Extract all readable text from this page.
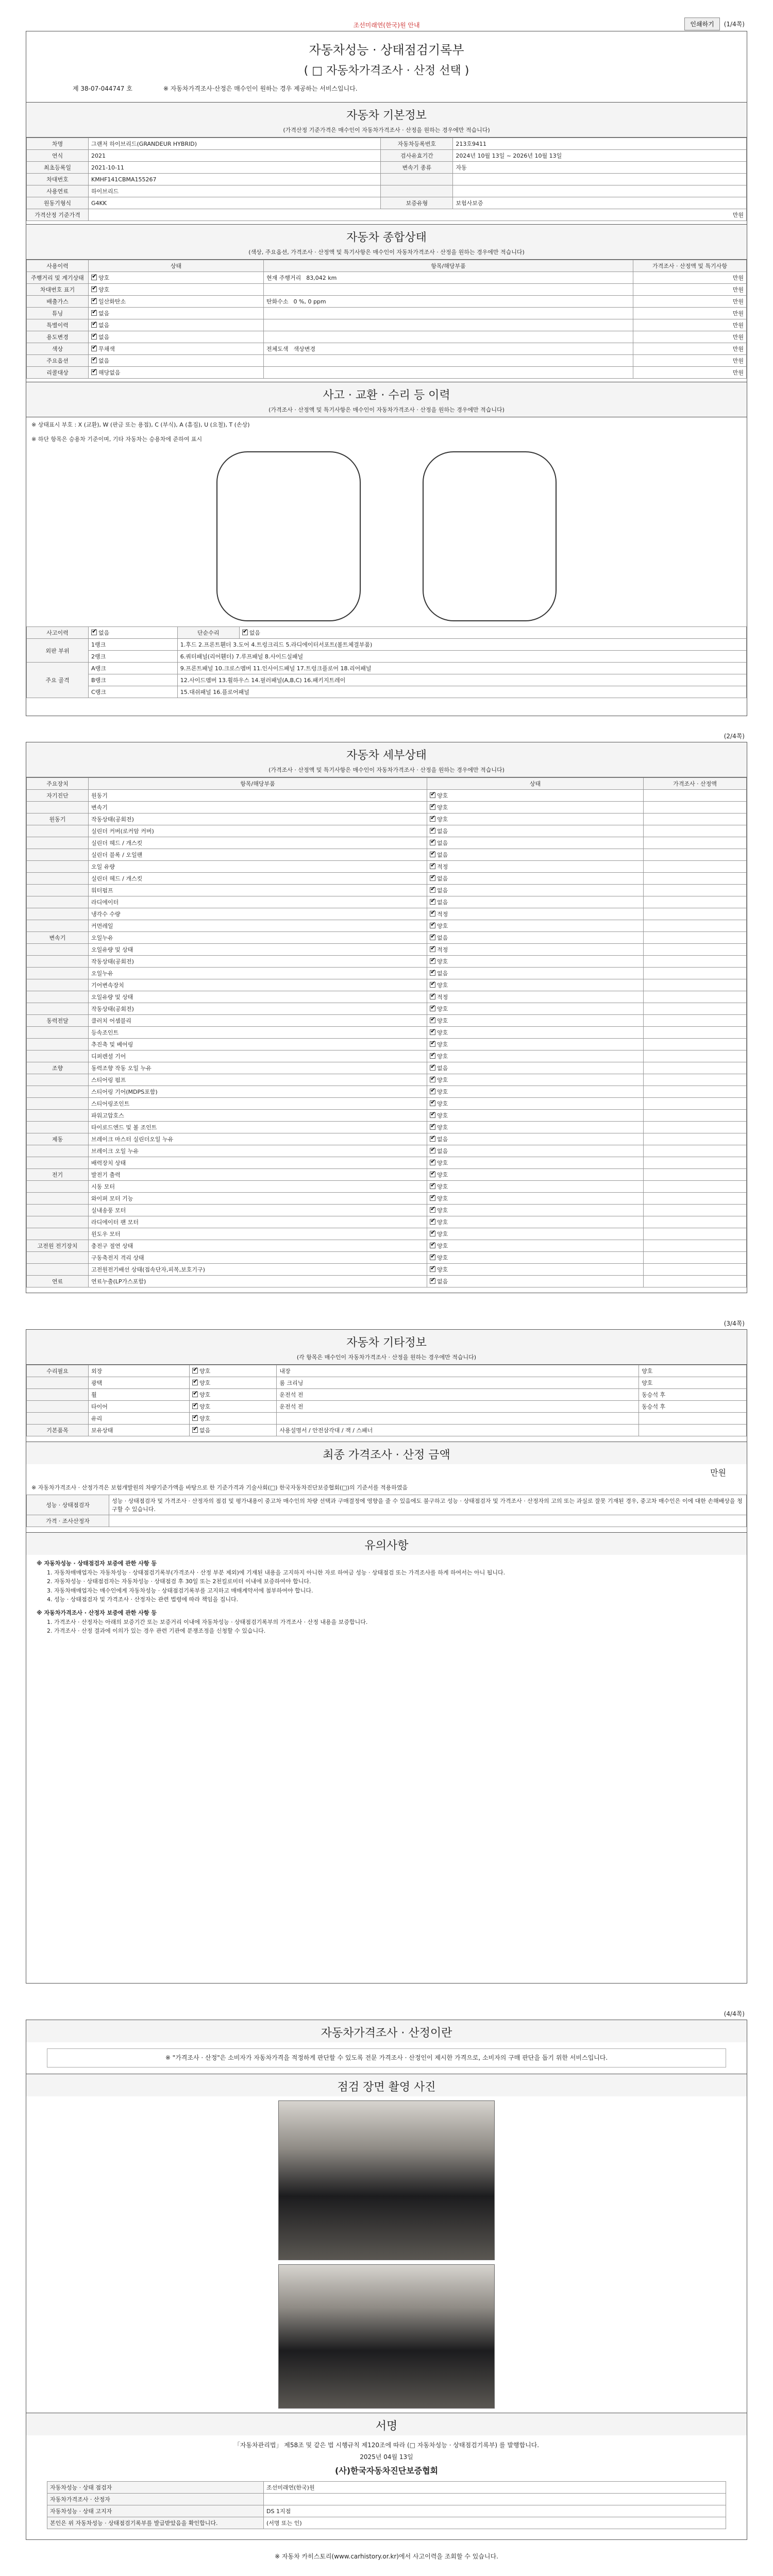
조선미래연(한국)원 안내	인쇄하기	(1/4쪽)
자동차성능 · 상태점검기록부
( □ 자동차가격조사 · 산정 선택 )
제 38-07-044747 호	※ 자동차가격조사·산정은 매수인이 원하는 경우 제공하는 서비스입니다.
자동차 기본정보
(가격산정 기준가격은 매수인이 자동차가격조사 · 산정을 원하는 경우에만 적습니다)
차명	그랜저 하이브리드(GRANDEUR HYBRID)	자동차등록번호	213호9411
연식	2021	검사유효기간	2024년 10월 13일 ~ 2026년 10월 13일
최초등록일	2021-10-11	변속기 종류	자동
차대번호	KMHF141CBMA155267		
사용연료	하이브리드		
원동기형식	G4KK	보증유형	보험사보증
가격산정 기준가격	만원		
자동차 종합상태
(색상, 주요옵션, 가격조사 · 산정액 및 특기사항은 매수인이 자동차가격조사 · 산정을 원하는 경우에만 적습니다)
사용이력	상태	항목/해당부품	가격조사 · 산정액 및 특기사항
주행거리 및 계기상태	✔양호	현재 주행거리 83,042 km	만원
차대번호 표기	✔양호		만원
배출가스	✔일산화탄소	탄화수소 0 %, 0 ppm	만원
튜닝	✔없음		만원
특별이력	✔없음		만원
용도변경	✔없음		만원
색상	✔무채색	전체도색 색상변경	만원
주요옵션	✔없음		만원
리콜대상	✔해당없음		만원
사고 · 교환 · 수리 등 이력
(가격조사 · 산정액 및 특기사항은 매수인이 자동차가격조사 · 산정을 원하는 경우에만 적습니다)
※ 상태표시 부호 : X (교환), W (판금 또는 용접), C (부식), A (흠집), U (요철), T (손상)
※ 하단 항목은 승용차 기준이며, 기타 자동차는 승용차에 준하여 표시
사고이력	✔없음	단순수리	✔없음
외판 부위	1랭크	1.후드 2.프론트휀더 3.도어 4.트렁크리드 5.라디에이터서포트(볼트체결부품)	
	2랭크	6.쿼터패널(리어휀더) 7.루프패널 8.사이드실패널	
주요 골격	A랭크	9.프론트패널 10.크로스멤버 11.인사이드패널 17.트렁크플로어 18.리어패널	
	B랭크	12.사이드멤버 13.휠하우스 14.필러패널(A,B,C) 16.패키지트레이	
	C랭크	15.대쉬패널 16.플로어패널	
(2/4쪽)
자동차 세부상태
(가격조사 · 산정액 및 특기사항은 매수인이 자동차가격조사 · 산정을 원하는 경우에만 적습니다)
주요장치	항목/해당부품	상태	가격조사 · 산정액
자기진단	원동기	✔양호	
	변속기	✔양호	
원동기	작동상태(공회전)	✔양호	
	실린더 커버(로커암 커버)	✔없음	
	실린더 헤드 / 개스킷	✔없음	
	실린더 블록 / 오일팬	✔없음	
	오일 유량	✔적정	
	실린더 헤드 / 개스킷	✔없음	
	워터펌프	✔없음	
	라디에이터	✔없음	
	냉각수 수량	✔적정	
	커먼레일	✔양호	
변속기	오일누유	✔없음	
	오일유량 및 상태	✔적정	
	작동상태(공회전)	✔양호	
	오일누유	✔없음	
	기어변속장치	✔양호	
	오일유량 및 상태	✔적정	
	작동상태(공회전)	✔양호	
동력전달	클러치 어셈블리	✔양호	
	등속조인트	✔양호	
	추진축 및 베어링	✔양호	
	디퍼렌셜 기어	✔양호	
조향	동력조향 작동 오일 누유	✔없음	
	스티어링 펌프	✔양호	
	스티어링 기어(MDPS포함)	✔양호	
	스티어링조인트	✔양호	
	파워고압호스	✔양호	
	타이로드엔드 및 볼 조인트	✔양호	
제동	브레이크 마스터 실린더오일 누유	✔없음	
	브레이크 오일 누유	✔없음	
	배력장치 상태	✔양호	
전기	발전기 출력	✔양호	
	시동 모터	✔양호	
	와이퍼 모터 기능	✔양호	
	실내송풍 모터	✔양호	
	라디에이터 팬 모터	✔양호	
	윈도우 모터	✔양호	
고전원 전기장치	충전구 절연 상태	✔양호	
	구동축전지 격리 상태	✔양호	
	고전원전기배선 상태(접속단자,피복,보호기구)	✔양호	
연료	연료누출(LP가스포함)	✔없음	
(3/4쪽)
자동차 기타정보
(각 항목은 매수인이 자동차가격조사 · 산정을 원하는 경우에만 적습니다)
수리필요	외장	✔양호	내장	양호
	광택	✔양호	룸 크리닝	양호
	휠	✔양호	운전석 전	동승석 후
	타이어	✔양호	운전석 전	동승석 후
	유리	✔양호		
기본품목	보유상태	✔없음	사용설명서 / 안전삼각대 / 잭 / 스패너	
최종 가격조사 · 산정 금액
만원
※ 자동차가격조사 · 산정가격은 보험개발원의 차량기준가액을 바탕으로 한 기준가격과 기술사회(□) 한국자동차진단보증협회(□)의 기준서를 적용하였음
성능 · 상태점검자	성능 · 상태점검자 및 가격조사 · 산정자의 점검 및 평가내용이 중고차 매수인의 차량 선택과 구매결정에 영향을 줄 수 있음에도 불구하고 성능 · 상태점검자 및 가격조사 · 산정자의 고의 또는 과실로 잘못 기재된 경우, 중고차 매수인은 이에 대한 손해배상을 청구할 수 있습니다.
가격 · 조사산정자	
유의사항

※ 자동차성능 · 상태점검자 보증에 관한 사항 등

1. 자동차매매업자는 자동차성능 · 상태점검기록부(가격조사 · 산정 부분 제외)에 기재된 내용을 고지하지 아니한 자로 하여금 성능 · 상태점검 또는 가격조사를 하게 하여서는 아니 됩니다.

2. 자동차성능 · 상태점검자는 자동차성능 · 상태점검 후 30일 또는 2천킬로미터 이내에 보증하여야 합니다.

3. 자동차매매업자는 매수인에게 자동차성능 · 상태점검기록부를 고지하고 매매계약서에 첨부하여야 합니다.

4. 성능 · 상태점검자 및 가격조사 · 산정자는 관련 법령에 따라 책임을 집니다.

※ 자동차가격조사 · 산정자 보증에 관한 사항 등

1. 가격조사 · 산정자는 아래의 보증기간 또는 보증거리 이내에 자동차성능 · 상태점검기록부의 가격조사 · 산정 내용을 보증합니다.

2. 가격조사 · 산정 결과에 이의가 있는 경우 관련 기관에 분쟁조정을 신청할 수 있습니다.

(4/4쪽)
자동차가격조사 · 산정이란
※ "가격조사 · 산정"은 소비자가 자동차가격을 적정하게 판단할 수 있도록 전문 가격조사 · 산정인이 제시한 가격으로, 소비자의 구매 판단을 돕기 위한 서비스입니다.
점검 장면 촬영 사진
서명
「자동차관리법」 제58조 및 같은 법 시행규칙 제120조에 따라 (□ 자동차성능 · 상태점검기록부) 를 발행합니다.
2025년 04월 13일
(사)한국자동차진단보증협회
자동차성능 · 상태 점검자	조선미래연(한국)원
자동차가격조사 · 산정자	
자동차성능 · 상태 고지자	DS 1지점
본인은 위 자동차성능 · 상태점검기록부를 발급받았음을 확인합니다.	(서명 또는 인)
※ 자동차 카히스토리(www.carhistory.or.kr)에서 사고이력을 조회할 수 있습니다.
